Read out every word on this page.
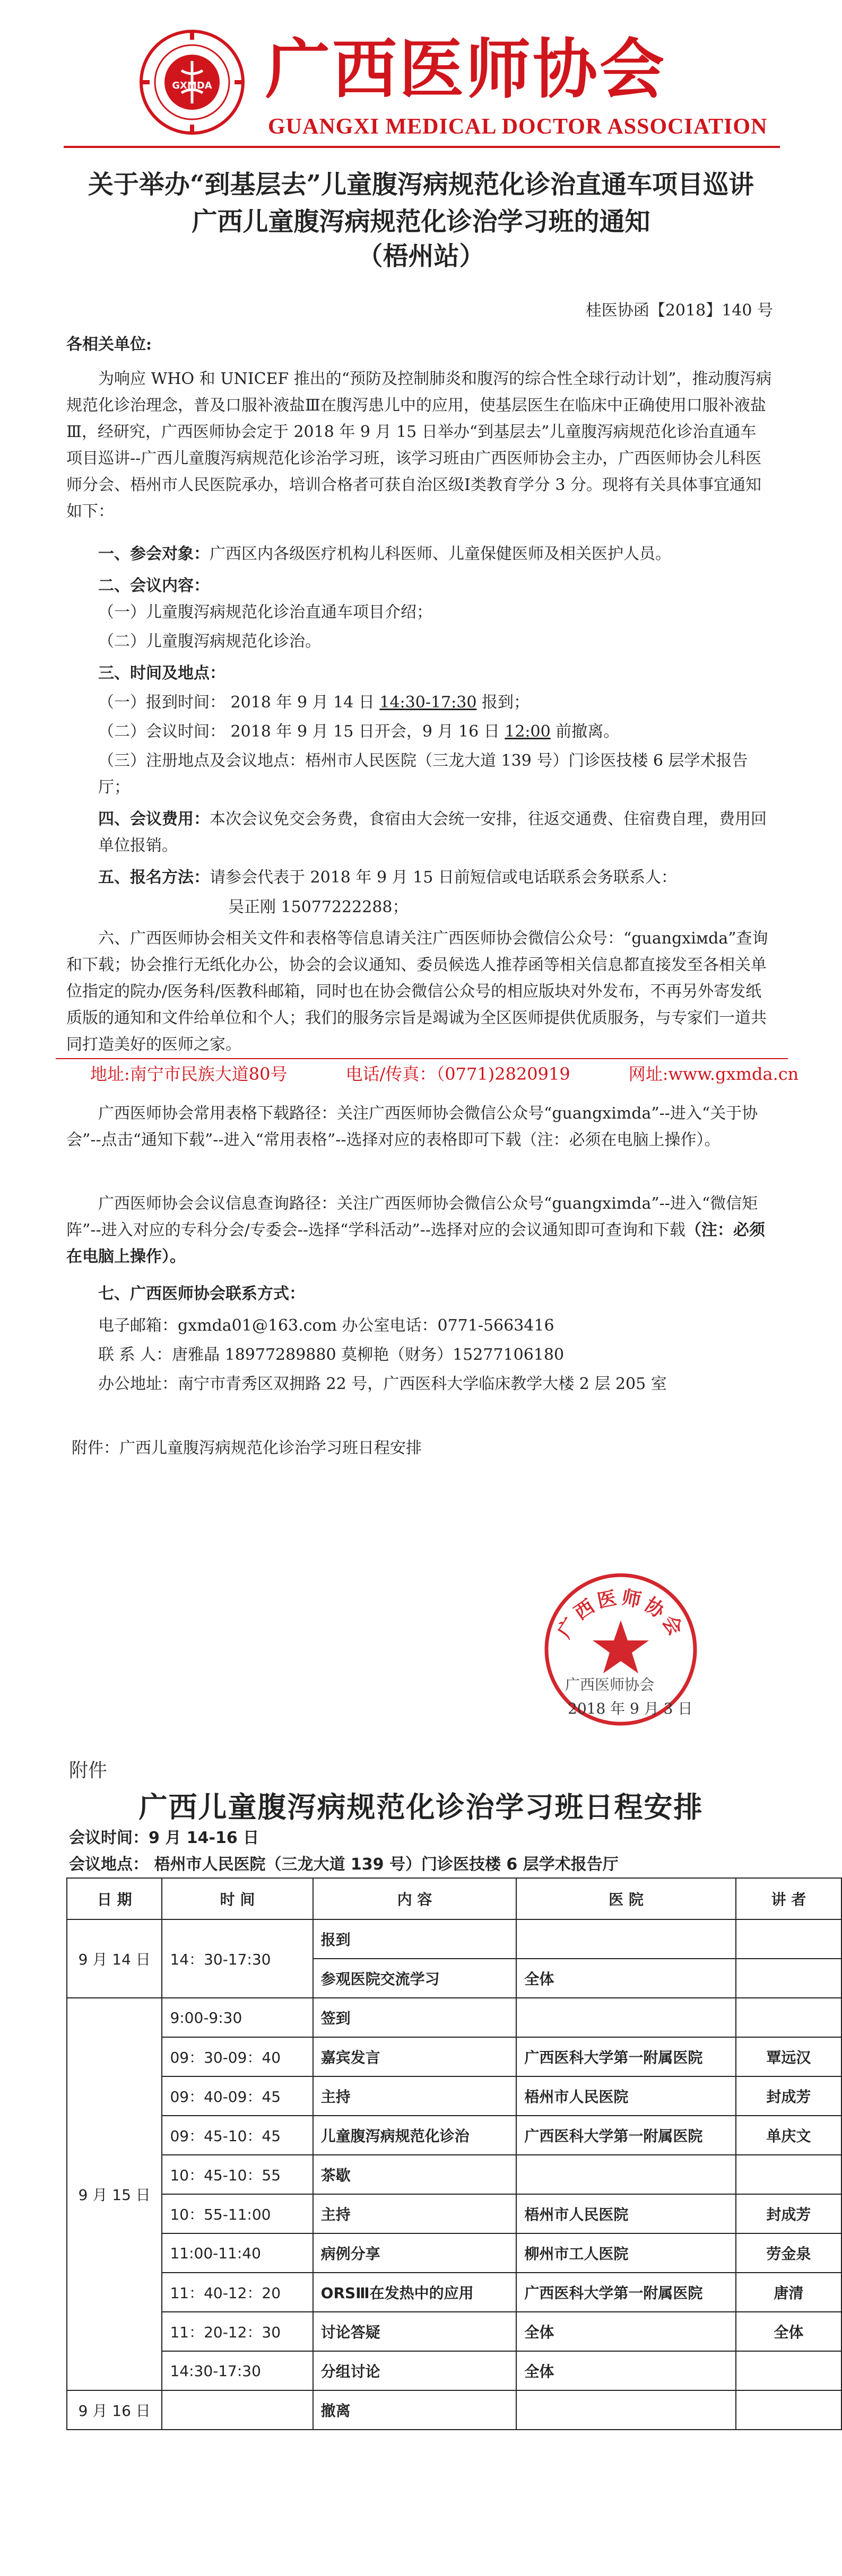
GXMDA 广西医师协会
GUANGXI MEDICAL DOCTOR ASSOCIATION
关于举办“到基层去”儿童腹泻病规范化诊治直通车项目巡讲
广西儿童腹泻病规范化诊治学习班的通知
（梧州站）
桂医协函【2018】140 号
各相关单位:
为响应 WHO 和 UNICEF 推出的“预防及控制肺炎和腹泻的综合性全球行动计划”，推动腹泻病规范化诊治理念，普及口服补液盐Ⅲ在腹泻患儿中的应用，使基层医生在临床中正确使用口服补液盐Ⅲ，经研究，广西医师协会定于 2018 年 9 月 15 日举办“到基层去”儿童腹泻病规范化诊治直通车项目巡讲--广西儿童腹泻病规范化诊治学习班，该学习班由广西医师协会主办，广西医师协会儿科医师分会、梧州市人民医院承办，培训合格者可获自治区级Ⅰ类教育学分 3 分。现将有关具体事宜通知如下：
一、参会对象：广西区内各级医疗机构儿科医师、儿童保健医师及相关医护人员。
二、会议内容：
（一）儿童腹泻病规范化诊治直通车项目介绍；
（二）儿童腹泻病规范化诊治。
三、时间及地点：
（一）报到时间： 2018 年 9 月 14 日 14:30-17:30 报到；
（二）会议时间： 2018 年 9 月 15 日开会，9 月 16 日 12:00 前撤离。
（三）注册地点及会议地点：梧州市人民医院（三龙大道 139 号）门诊医技楼 6 层学术报告厅；
四、会议费用：本次会议免交会务费，食宿由大会统一安排，往返交通费、住宿费自理，费用回单位报销。
五、报名方法：请参会代表于 2018 年 9 月 15 日前短信或电话联系会务联系人：
吴正刚 15077222288；
六、广西医师协会相关文件和表格等信息请关注广西医师协会微信公众号：“guangxiмda”查询和下载；协会推行无纸化办公，协会的会议通知、委员候选人推荐函等相关信息都直接发至各相关单位指定的院办/医务科/医教科邮箱，同时也在协会微信公众号的相应版块对外发布，不再另外寄发纸质版的通知和文件给单位和个人；我们的服务宗旨是竭诚为全区医师提供优质服务，与专家们一道共同打造美好的医师之家。
地址:南宁市民族大道80号	电话/传真：（0771)2820919	网址:www.gxmda.cn
广西医师协会常用表格下载路径：关注广西医师协会微信公众号“guangximda”--进入“关于协会”--点击“通知下载”--进入“常用表格”--选择对应的表格即可下载（注：必须在电脑上操作）。
广西医师协会会议信息查询路径：关注广西医师协会微信公众号“guangximda”--进入“微信矩阵”--进入对应的专科分会/专委会--选择“学科活动”--选择对应的会议通知即可查询和下载（注：必须在电脑上操作）。
七、广西医师协会联系方式：
电子邮箱：gxmda01@163.com 办公室电话：0771-5663416
联 系 人：唐雅晶 18977289880 莫柳艳（财务）15277106180
办公地址：南宁市青秀区双拥路 22 号，广西医科大学临床教学大楼 2 层 205 室
附件：广西儿童腹泻病规范化诊治学习班日程安排
广西医师协会
广西医师协会
2018 年 9 月 3 日
附件
广西儿童腹泻病规范化诊治学习班日程安排
会议时间：9 月 14-16 日
会议地点： 梧州市人民医院（三龙大道 139 号）门诊医技楼 6 层学术报告厅
日 期	时 间	内 容	医 院	讲 者
9 月 14 日	14：30-17:30	报到		
		参观医院交流学习	全体	
9 月 15 日	9:00-9:30	签到		
	09：30-09：40	嘉宾发言	广西医科大学第一附属医院	覃远汉
	09：40-09：45	主持	梧州市人民医院	封成芳
	09：45-10：45	儿童腹泻病规范化诊治	广西医科大学第一附属医院	单庆文
	10：45-10：55	茶歇		
	10：55-11:00	主持	梧州市人民医院	封成芳
	11:00-11:40	病例分享	柳州市工人医院	劳金泉
	11：40-12：20	ORSⅢ在发热中的应用	广西医科大学第一附属医院	唐清
	11：20-12：30	讨论答疑	全体	全体
	14:30-17:30	分组讨论	全体	
9 月 16 日		撤离		
